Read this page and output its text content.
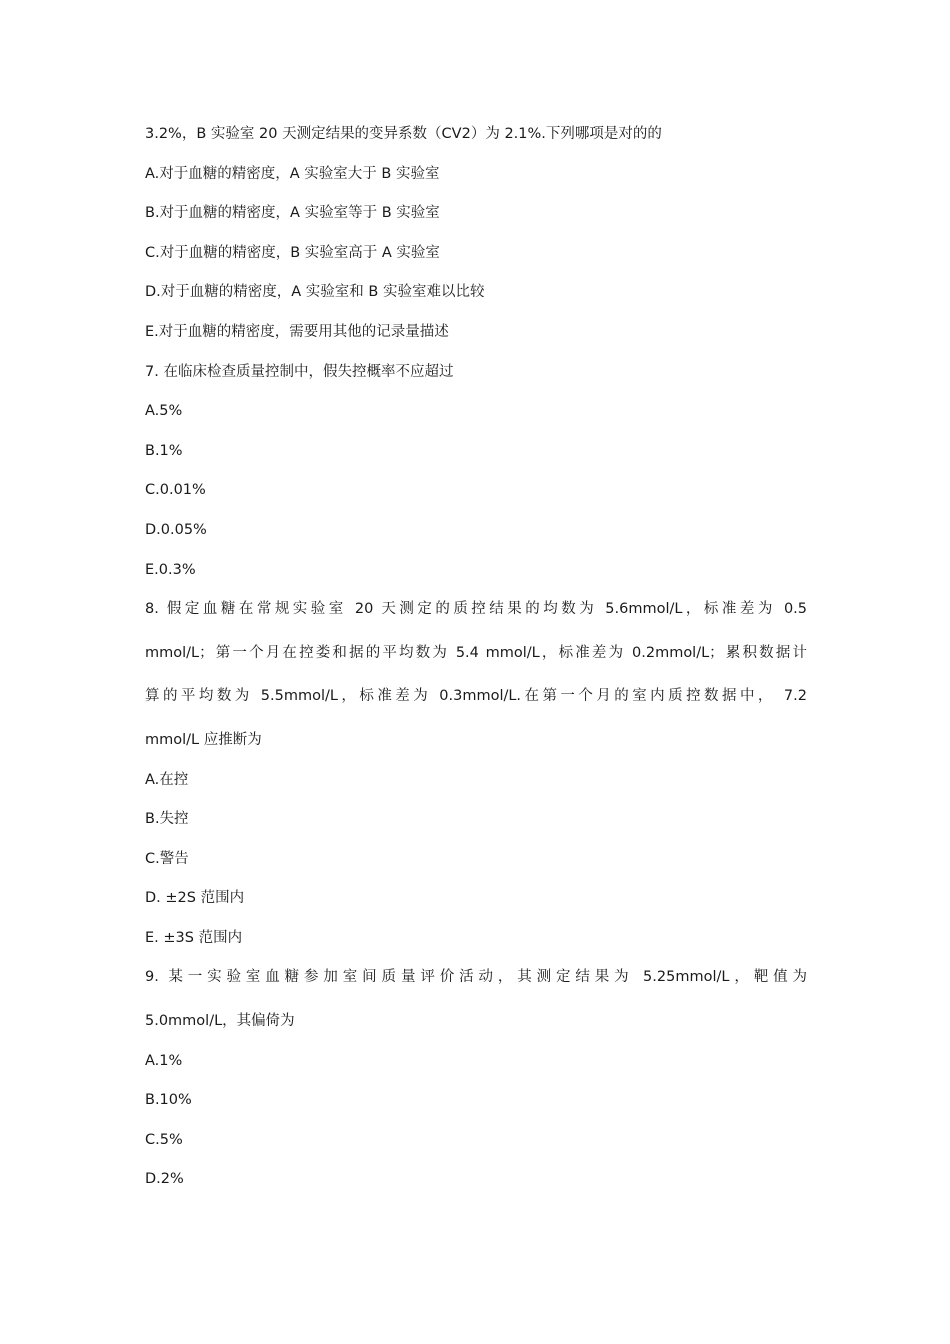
3.2%，B 实验室 20 天测定结果的变异系数（CV2）为 2.1%.下列哪项是对的的
A.对于血糖的精密度，A 实验室大于 B 实验室
B.对于血糖的精密度，A 实验室等于 B 实验室
C.对于血糖的精密度，B 实验室高于 A 实验室
D.对于血糖的精密度，A 实验室和 B 实验室难以比较
E.对于血糖的精密度，需要用其他的记录量描述
7. 在临床检查质量控制中，假失控概率不应超过
A.5%
B.1%
C.0.01%
D.0.05%
E.0.3%
8. 假定血糖在常规实验室 20 天测定的质控结果的均数为 5.6mmol/L，标准差为 0.5
mmol/L；第一个月在控娄和据的平均数为 5.4 mmol/L，标准差为 0.2mmol/L；累积数据计
算的平均数为 5.5mmol/L，标准差为 0.3mmol/L.在第一个月的室内质控数据中， 7.2
mmol/L 应推断为
A.在控
B.失控
C.警告
D. ±2S 范围内
E. ±3S 范围内
9. 某一实验室血糖参加室间质量评价活动，其测定结果为 5.25mmol/L，靶值为
5.0mmol/L，其偏倚为
A.1%
B.10%
C.5%
D.2%
